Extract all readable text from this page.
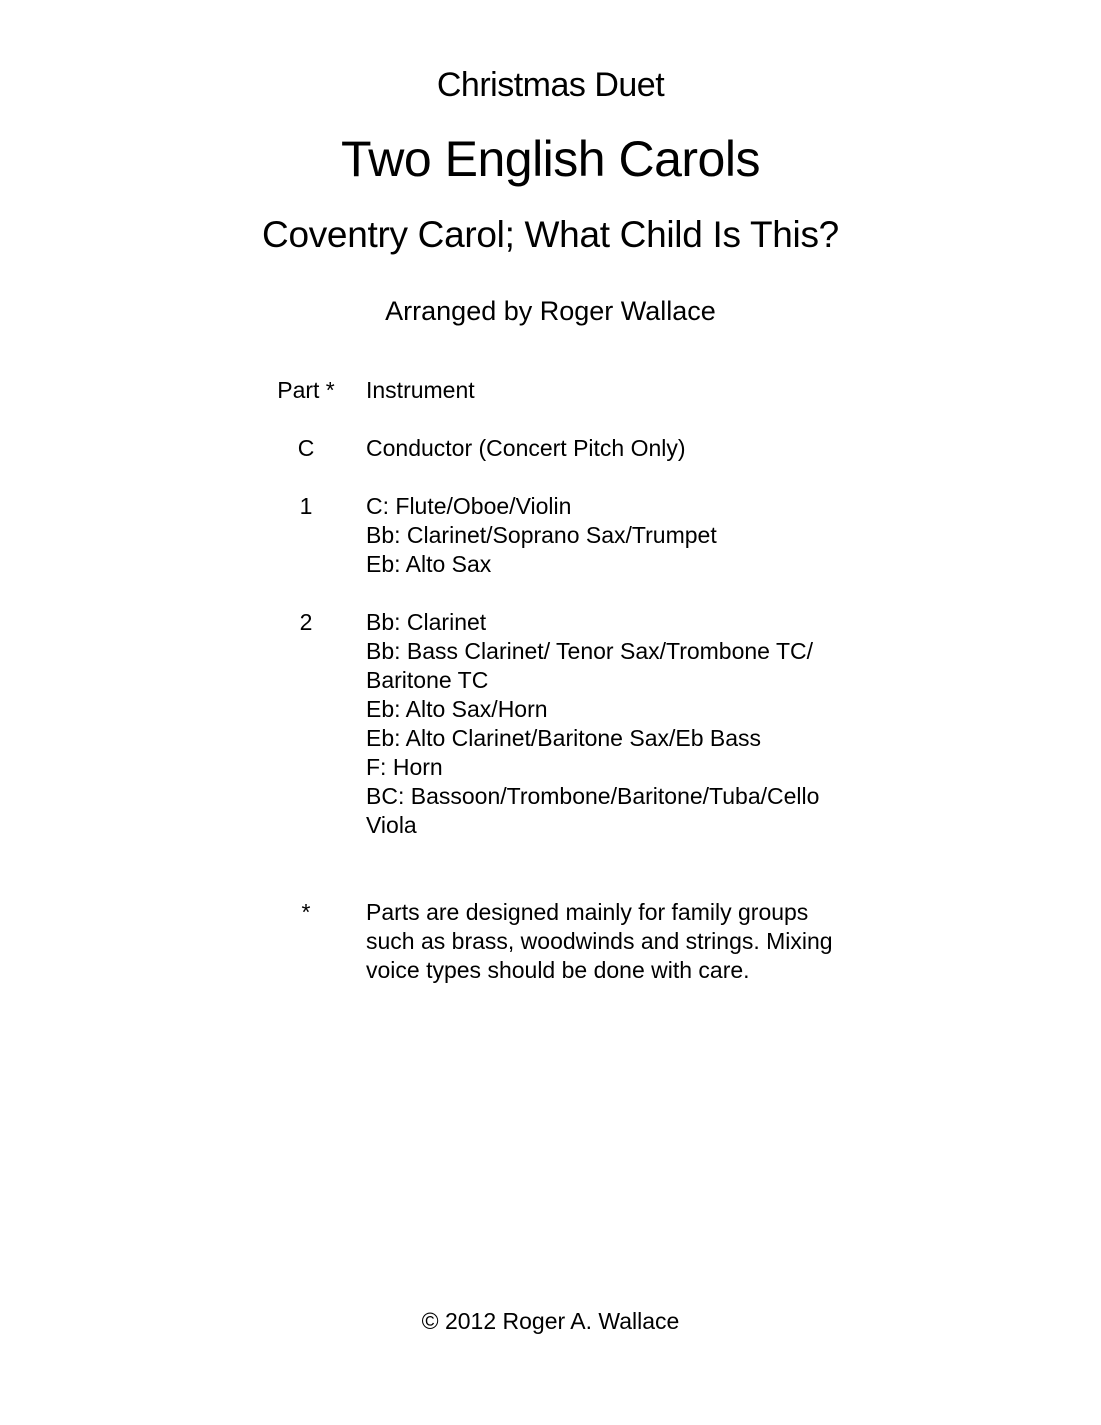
Christmas Duet
Two English Carols
Coventry Carol; What Child Is This?
Arranged by Roger Wallace
Part *	Instrument
C	Conductor (Concert Pitch Only)
1	C: Flute/Oboe/Violin
Bb: Clarinet/Soprano Sax/Trumpet
Eb: Alto Sax
2	Bb: Clarinet
Bb: Bass Clarinet/ Tenor Sax/Trombone TC/
Baritone TC
Eb: Alto Sax/Horn
Eb: Alto Clarinet/Baritone Sax/Eb Bass
F: Horn
BC: Bassoon/Trombone/Baritone/Tuba/Cello
Viola
*	Parts are designed mainly for family groups
such as brass, woodwinds and strings. Mixing
voice types should be done with care.
© 2012 Roger A. Wallace
